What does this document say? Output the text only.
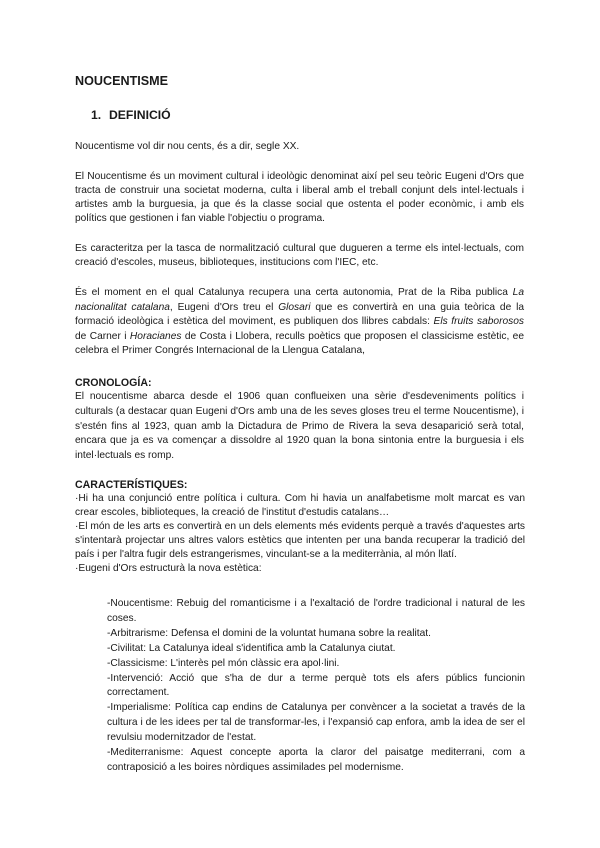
NOUCENTISME
1. DEFINICIÓ

Noucentisme vol dir nou cents, és a dir, segle XX.

El Noucentisme és un moviment cultural i ideològic denominat així pel seu teòric Eugeni d'Ors que tracta de construir una societat moderna, culta i liberal amb el treball conjunt dels intel·lectuals i artistes amb la burguesia, ja que és la classe social que ostenta el poder econòmic, i amb els polítics que gestionen i fan viable l'objectiu o programa.

Es caracteritza per la tasca de normalització cultural que dugueren a terme els intel·lectuals, com creació d'escoles, museus, biblioteques, institucions com l'IEC, etc.

És el moment en el qual Catalunya recupera una certa autonomia, Prat de la Riba publica La nacionalitat catalana, Eugeni d'Ors treu el Glosari que es convertirà en una guia teòrica de la formació ideològica i estètica del moviment, es publiquen dos llibres cabdals: Els fruits saborosos de Carner i Horacianes de Costa i Llobera, reculls poètics que proposen el classicisme estètic, ee celebra el Primer Congrés Internacional de la Llengua Catalana,

CRONOLOGÍA:

El noucentisme abarca desde el 1906 quan conflueixen una sèrie d'esdeveniments polítics i culturals (a destacar quan Eugeni d'Ors amb una de les seves gloses treu el terme Noucentisme), i s'estén fins al 1923, quan amb la Dictadura de Primo de Rivera la seva desaparició serà total, encara que ja es va començar a dissoldre al 1920 quan la bona sintonia entre la burguesia i els intel·lectuals es romp.

CARACTERÍSTIQUES:

·Hi ha una conjunció entre política i cultura. Com hi havia un analfabetisme molt marcat es van crear escoles, biblioteques, la creació de l'institut d'estudis catalans…

·El món de les arts es convertirà en un dels elements més evidents perquè a través d'aquestes arts s'intentarà projectar uns altres valors estètics que intenten per una banda recuperar la tradició del país i per l'altra fugir dels estrangerismes, vinculant-se a la mediterrània, al món llatí.

·Eugeni d'Ors estructurà la nova estètica:

-Noucentisme: Rebuig del romanticisme i a l'exaltació de l'ordre tradicional i natural de les coses.

-Arbitrarisme: Defensa el domini de la voluntat humana sobre la realitat.

-Civilitat: La Catalunya ideal s'identifica amb la Catalunya ciutat.

-Classicisme: L'interès pel món clàssic era apol·lini.

-Intervenció: Acció que s'ha de dur a terme perquè tots els afers públics funcionin correctament.

-Imperialisme: Política cap endins de Catalunya per convèncer a la societat a través de la cultura i de les idees per tal de transformar-les, i l'expansió cap enfora, amb la idea de ser el revulsiu modernitzador de l'estat.

-Mediterranisme: Aquest concepte aporta la claror del paisatge mediterrani, com a contraposició a les boires nòrdiques assimilades pel modernisme.
